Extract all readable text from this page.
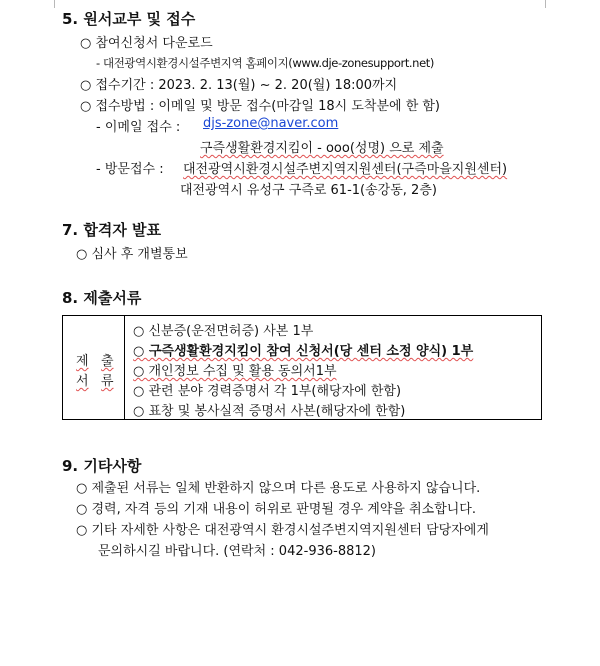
5. 원서교부 및 접수
○ 참여신청서 다운로드
- 대전광역시환경시설주변지역 홈페이지(www.dje-zonesupport.net)
○ 접수기간 : 2023. 2. 13(월) ~ 2. 20(월) 18:00까지
○ 접수방법 : 이메일 및 방문 접수(마감일 18시 도착분에 한 함)
- 이메일 접수 : djs-zone@naver.com
구즉생활환경지킴이 - ooo(성명) 으로 제출
- 방문접수 : 대전광역시환경시설주변지역지원센터(구즉마을지원센터)
대전광역시 유성구 구즉로 61-1(송강동, 2층)
7. 합격자 발표
○ 심사 후 개별통보
8. 제출서류
제 출
서 류
○ 신분증(운전면허증) 사본 1부
○ 구즉생활환경지킴이 참여 신청서(당 센터 소정 양식) 1부
○ 개인정보 수집 및 활용 동의서1부
○ 관련 분야 경력증명서 각 1부(해당자에 한함)
○ 표창 및 봉사실적 증명서 사본(해당자에 한함)
9. 기타사항
○ 제출된 서류는 일체 반환하지 않으며 다른 용도로 사용하지 않습니다.
○ 경력, 자격 등의 기재 내용이 허위로 판명될 경우 계약을 취소합니다.
○ 기타 자세한 사항은 대전광역시 환경시설주변지역지원센터 담당자에게
문의하시길 바랍니다. (연락처 : 042-936-8812)
